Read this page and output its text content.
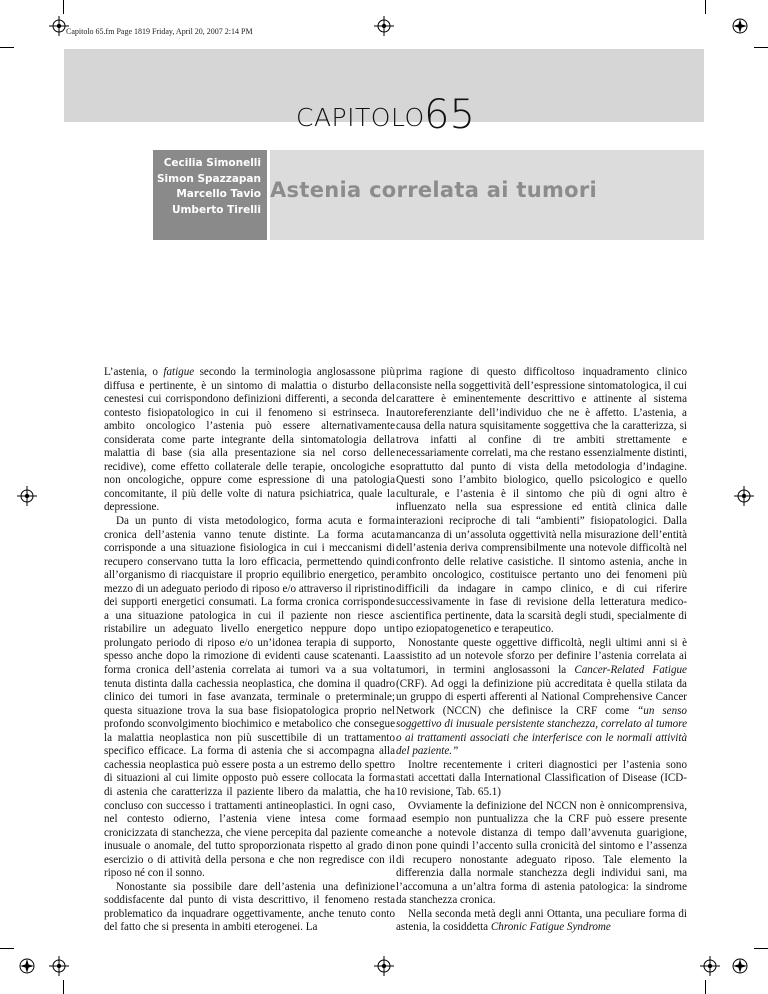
Capitolo 65.fm Page 1819 Friday, April 20, 2007 2:14 PM
CAPITOLO 65
Cecilia Simonelli
Simon Spazzapan
Marcello Tavio
Umberto Tirelli
Astenia correlata ai tumori

L’astenia, o fatigue secondo la terminologia anglosassone più diffusa e pertinente, è un sintomo di malattia o disturbo della cenestesi cui corrispondono definizioni differenti, a seconda del contesto fisiopatologico in cui il fenomeno si estrinseca. In ambito oncologico l’astenia può essere alternativamente considerata come parte integrante della sintomatologia della malattia di base (sia alla presentazione sia nel corso delle recidive), come effetto collaterale delle terapie, oncologiche e non oncologiche, oppure come espressione di una patologia concomitante, il più delle volte di natura psichiatrica, quale la depressione.

Da un punto di vista metodologico, forma acuta e forma cronica dell’astenia vanno tenute distinte. La forma acuta corrisponde a una situazione fisiologica in cui i meccanismi di recupero conservano tutta la loro efficacia, permettendo quindi all’organismo di riacquistare il proprio equilibrio energetico, per mezzo di un adeguato periodo di riposo e/o attraverso il ripristino dei supporti energetici consumati. La forma cronica corrisponde a una situazione patologica in cui il paziente non riesce a ristabilire un adeguato livello energetico neppure dopo un prolungato periodo di riposo e/o un’idonea terapia di supporto, spesso anche dopo la rimozione di evidenti cause scatenanti. La forma cronica dell’astenia correlata ai tumori va a sua volta tenuta distinta dalla cachessia neoplastica, che domina il quadro clinico dei tumori in fase avanzata, terminale o preterminale; questa situazione trova la sua base fisiopatologica proprio nel profondo sconvolgimento biochimico e metabolico che consegue la malattia neoplastica non più suscettibile di un trattamento specifico efficace. La forma di astenia che si accompagna alla cachessia neoplastica può essere posta a un estremo dello spettro di situazioni al cui limite opposto può essere collocata la forma di astenia che caratterizza il paziente libero da malattia, che ha concluso con successo i trattamenti antineoplastici. In ogni caso, nel contesto odierno, l’astenia viene intesa come forma cronicizzata di stanchezza, che viene percepita dal paziente come inusuale o anomale, del tutto sproporzionata rispetto al grado di esercizio o di attività della persona e che non regredisce con il riposo né con il sonno.

Nonostante sia possibile dare dell’astenia una definizione soddisfacente dal punto di vista descrittivo, il fenomeno resta problematico da inquadrare oggettivamente, anche tenuto conto del fatto che si presenta in ambiti eterogenei. La

prima ragione di questo difficoltoso inquadramento clinico consiste nella soggettività dell’espressione sintomatologica, il cui carattere è eminentemente descrittivo e attinente al sistema autoreferenziante dell’individuo che ne è affetto. L’astenia, a causa della natura squisitamente soggettiva che la caratterizza, si trova infatti al confine di tre ambiti strettamente e necessariamente correlati, ma che restano essenzialmente distinti, soprattutto dal punto di vista della metodologia d’indagine. Questi sono l’ambito biologico, quello psicologico e quello culturale, e l’astenia è il sintomo che più di ogni altro è influenzato nella sua espressione ed entità clinica dalle interazioni reciproche di tali “ambienti” fisiopatologici. Dalla mancanza di un’assoluta oggettività nella misurazione dell’entità dell’astenia deriva comprensibilmente una notevole difficoltà nel confronto delle relative casistiche. Il sintomo astenia, anche in ambito oncologico, costituisce pertanto uno dei fenomeni più difficili da indagare in campo clinico, e di cui riferire successivamente in fase di revisione della letteratura medico-scientifica pertinente, data la scarsità degli studi, specialmente di tipo eziopatogenetico e terapeutico.

Nonostante queste oggettive difficoltà, negli ultimi anni si è assistito ad un notevole sforzo per definire l’astenia correlata ai tumori, in termini anglosassoni la Cancer-Related Fatigue (CRF). Ad oggi la definizione più accreditata è quella stilata da un gruppo di esperti afferenti al National Comprehensive Cancer Network (NCCN) che definisce la CRF come “un senso soggettivo di inusuale persistente stanchezza, correlato al tumore o ai trattamenti associati che interferisce con le normali attività del paziente.”

Inoltre recentemente i criteri diagnostici per l’astenia sono stati accettati dalla International Classification of Disease (ICD-10 revisione, Tab. 65.1)

Ovviamente la definizione del NCCN non è onnicomprensiva, ad esempio non puntualizza che la CRF può essere presente anche a notevole distanza di tempo dall’avvenuta guarigione, non pone quindi l’accento sulla cronicità del sintomo e l’assenza di recupero nonostante adeguato riposo. Tale elemento la differenzia dalla normale stanchezza degli individui sani, ma l’accomuna a un’altra forma di astenia patologica: la sindrome da stanchezza cronica.

Nella seconda metà degli anni Ottanta, una peculiare forma di astenia, la cosiddetta Chronic Fatigue Syndrome
